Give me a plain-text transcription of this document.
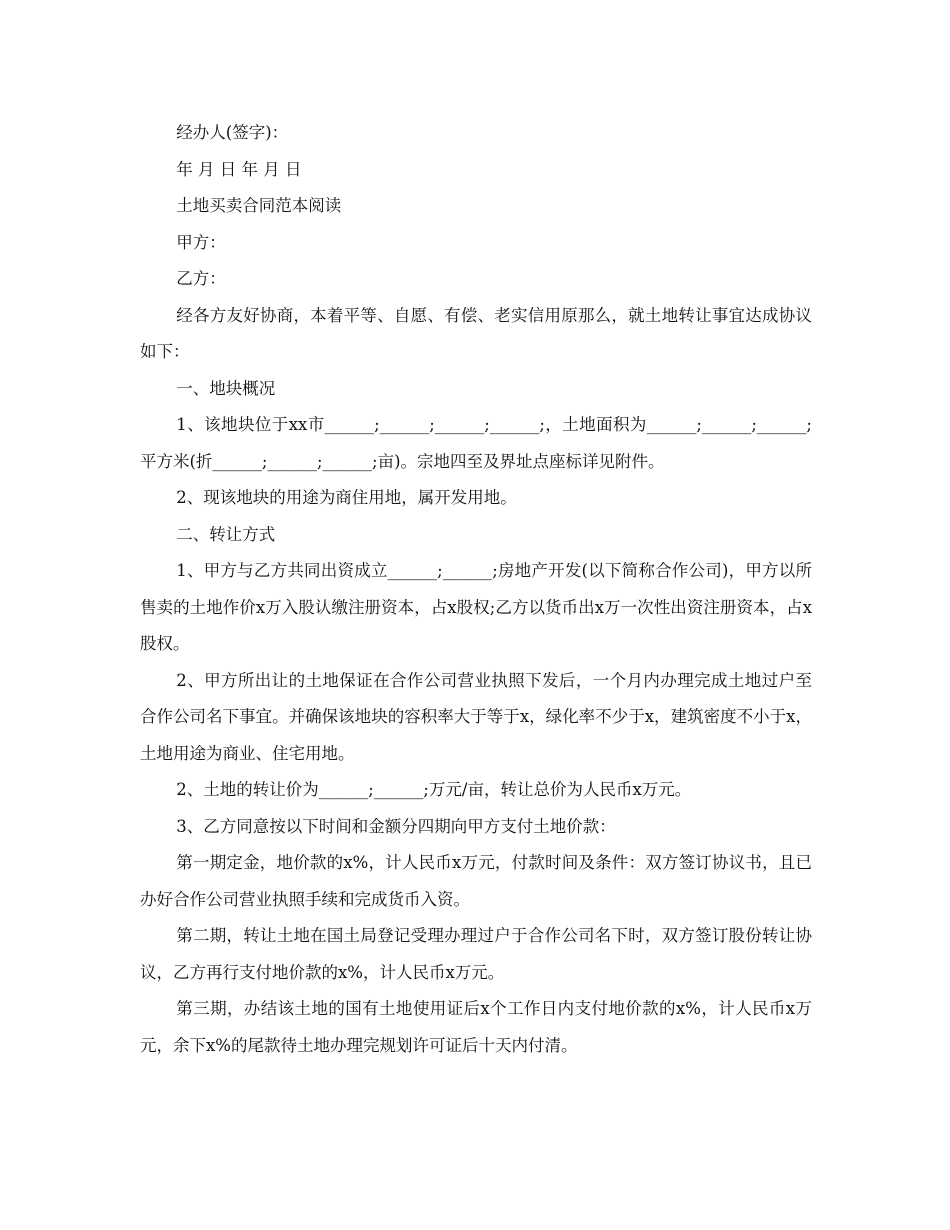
经办人(签字)：

年 月 日 年 月 日

土地买卖合同范本阅读

甲方：

乙方：

经各方友好协商，本着平等、自愿、有偿、老实信用原那么，就土地转让事宜达成协议如下：

一、地块概况

1、该地块位于xx市______;______;______;______;，土地面积为______;______;______;平方米(折______;______;______;亩)。宗地四至及界址点座标详见附件。

2、现该地块的用途为商住用地，属开发用地。

二、转让方式

1、甲方与乙方共同出资成立______;______;房地产开发(以下简称合作公司)，甲方以所售卖的土地作价x万入股认缴注册资本，占x股权;乙方以货币出x万一次性出资注册资本，占x股权。

2、甲方所出让的土地保证在合作公司营业执照下发后，一个月内办理完成土地过户至合作公司名下事宜。并确保该地块的容积率大于等于x，绿化率不少于x，建筑密度不小于x，土地用途为商业、住宅用地。

2、土地的转让价为______;______;万元/亩，转让总价为人民币x万元。

3、乙方同意按以下时间和金额分四期向甲方支付土地价款：

第一期定金，地价款的x%，计人民币x万元，付款时间及条件：双方签订协议书，且已办好合作公司营业执照手续和完成货币入资。

第二期，转让土地在国土局登记受理办理过户于合作公司名下时，双方签订股份转让协议，乙方再行支付地价款的x%，计人民币x万元。

第三期，办结该土地的国有土地使用证后x个工作日内支付地价款的x%，计人民币x万元，余下x%的尾款待土地办理完规划许可证后十天内付清。
